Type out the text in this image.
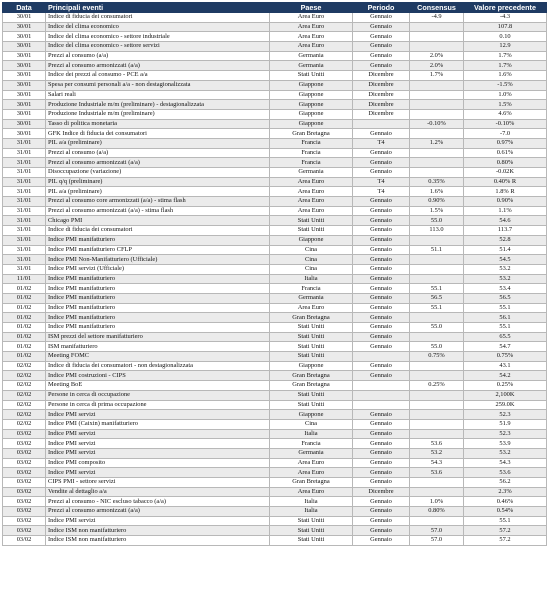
Data	Principali eventi	Paese	Periodo	Consensus	Valore precedente
30/01	Indice di fiducia dei consumatori	Area Euro	Gennaio	-4.9	-4.3
30/01	Indice del clima economico	Area Euro	Gennaio		107.8
30/01	Indice del clima economico - settore industriale	Area Euro	Gennaio		0.10
30/01	Indice del clima economico - settore servizi	Area Euro	Gennaio		12.9
30/01	Prezzi al consumo (a/a)	Germania	Gennaio	2.0%	1.7%
30/01	Prezzi al consumo armonizzati (a/a)	Germania	Gennaio	2.0%	1.7%
30/01	Indice dei prezzi al consumo - PCE a/a	Stati Uniti	Dicembre	1.7%	1.6%
30/01	Spesa per consumi personali a/a - non destagionalizzata	Giappone	Dicembre		-1.5%
30/01	Salari reali	Giappone	Dicembre		1.0%
30/01	Produzione Industriale m/m (preliminare) - destagionalizzata	Giappone	Dicembre		1.5%
30/01	Produzione Industriale m/m (preliminare)	Giappone	Dicembre		4.6%
30/01	Tasso di politica monetaria	Giappone		-0.10%	-0.10%
30/01	GFK Indice di fiducia dei consumatori	Gran Bretagna	Gennaio		-7.0
31/01	PIL a/a (preliminare)	Francia	T4	1.2%	0.97%
31/01	Prezzi al consumo (a/a)	Francia	Gennaio		0.61%
31/01	Prezzi al consumo armonizzati (a/a)	Francia	Gennaio		0.80%
31/01	Disoccupazione (variazione)	Germania	Gennaio		-0.02K
31/01	PIL q/q (preliminare)	Area Euro	T4	0.35%	0.40% R
31/01	PIL a/a (preliminare)	Area Euro	T4	1.6%	1.8% R
31/01	Prezzi al consumo core armonizzati (a/a) - stima flash	Area Euro	Gennaio	0.90%	0.90%
31/01	Prezzi al consumo armonizzati (a/a) - stima flash	Area Euro	Gennaio	1.5%	1.1%
31/01	Chicago PMI	Stati Uniti	Gennaio	55.0	54.6
31/01	Indice di fiducia dei consumatori	Stati Uniti	Gennaio	113.0	113.7
31/01	Indice PMI manifatturiero	Giappone	Gennaio		52.8
31/01	Indice PMI manifatturiero CFLP	Cina	Gennaio	51.1	51.4
31/01	Indice PMI Non-Manifatturiero (Ufficiale)	Cina	Gennaio		54.5
31/01	Indice PMI servizi (Ufficiale)	Cina	Gennaio		53.2
11/01	Indice PMI manifatturiero	Italia	Gennaio		53.2
01/02	Indice PMI manifatturiero	Francia	Gennaio	55.1	53.4
01/02	Indice PMI manifatturiero	Germania	Gennaio	56.5	56.5
01/02	Indice PMI manifatturiero	Area Euro	Gennaio	55.1	55.1
01/02	Indice PMI manifatturiero	Gran Bretagna	Gennaio		56.1
01/02	Indice PMI manifatturiero	Stati Uniti	Gennaio	55.0	55.1
01/02	ISM prezzi del settore manifatturiero	Stati Uniti	Gennaio		65.5
01/02	ISM manifatturiero	Stati Uniti	Gennaio	55.0	54.7
01/02	Meeting FOMC	Stati Uniti		0.75%	0.75%
02/02	Indice di fiducia dei consumatori - non destagionalizzata	Giappone	Gennaio		43.1
02/02	Indice PMI costruzioni - CIPS	Gran Bretagna	Gennaio		54.2
02/02	Meeting BoE	Gran Bretagna		0.25%	0.25%
02/02	Persone in cerca di occupazione	Stati Uniti			2,100K
02/02	Persone in cerca di prima occupazione	Stati Uniti			259.0K
02/02	Indice PMI servizi	Giappone	Gennaio		52.3
02/02	Indice PMI (Caixin) manifatturiero	Cina	Gennaio		51.9
03/02	Indice PMI servizi	Italia	Gennaio		52.3
03/02	Indice PMI servizi	Francia	Gennaio	53.6	53.9
03/02	Indice PMI servizi	Germania	Gennaio	53.2	53.2
03/02	Indice PMI composito	Area Euro	Gennaio	54.3	54.3
03/02	Indice PMI servizi	Area Euro	Gennaio	53.6	53.6
03/02	CIPS PMI - settore servizi	Gran Bretagna	Gennaio		56.2
03/02	Vendite al dettaglio a/a	Area Euro	Dicembre		2.3%
03/02	Prezzi al consumo - NIC escluso tabacco (a/a)	Italia	Gennaio	1.0%	0.46%
03/02	Prezzi al consumo armonizzati (a/a)	Italia	Gennaio	0.80%	0.54%
03/02	Indice PMI servizi	Stati Uniti	Gennaio		55.1
03/02	Indice ISM non manifatturiero	Stati Uniti	Gennaio	57.0	57.2
03/02	Indice ISM non manifatturiero	Stati Uniti	Gennaio	57.0	57.2
